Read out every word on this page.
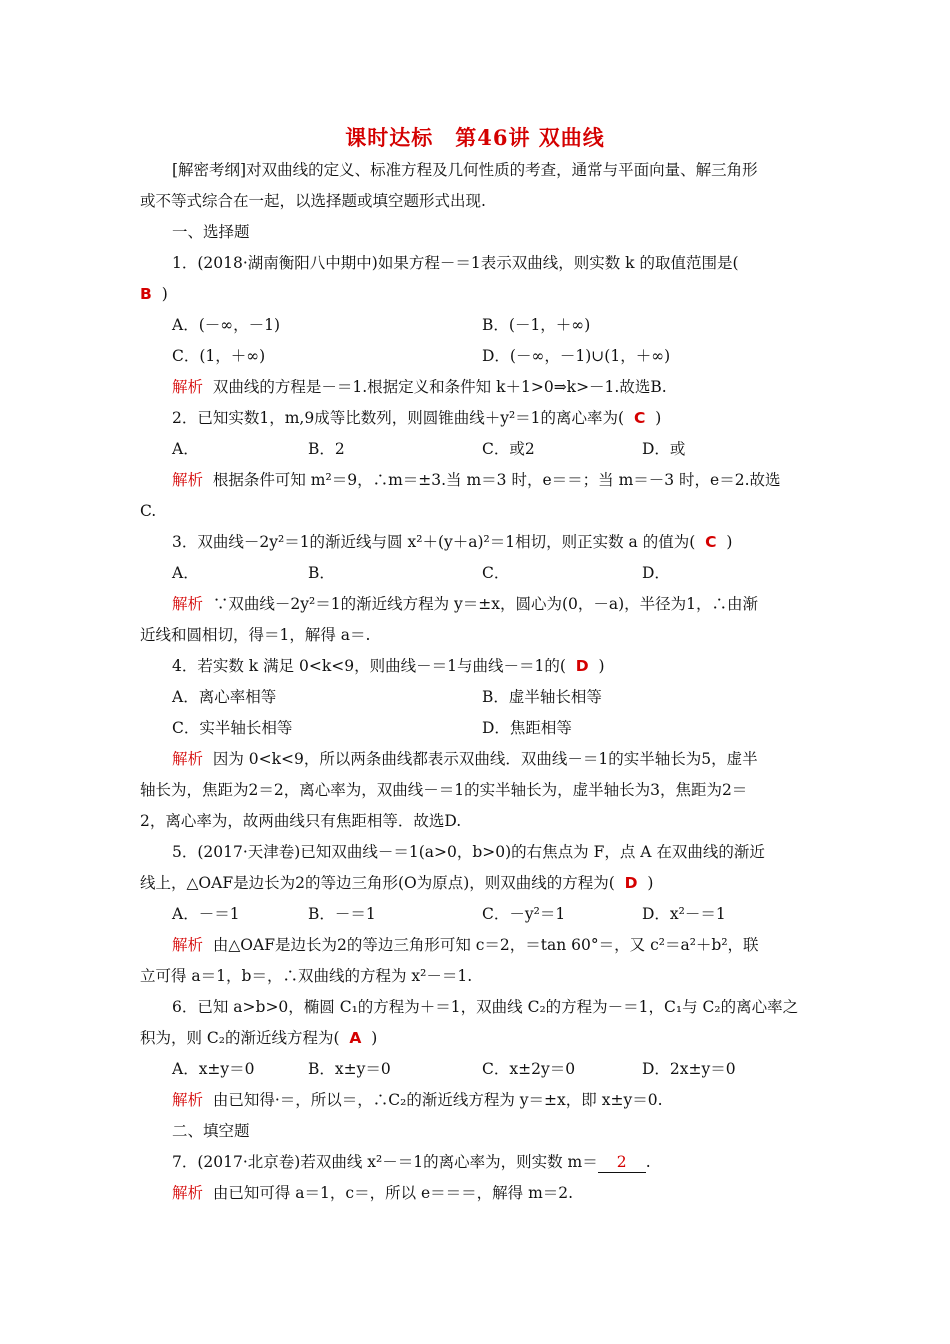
课时达标　第46讲 双曲线
[解密考纲]对双曲线的定义、标准方程及几何性质的考查，通常与平面向量、解三角形
或不等式综合在一起，以选择题或填空题形式出现.
一、选择题
1．(2018·湖南衡阳八中期中)如果方程－＝1表示双曲线，则实数 k 的取值范围是(
B )
A．(－∞，－1)	B．(－1，＋∞)
C．(1，＋∞)	D．(－∞，－1)∪(1，＋∞)
解析 双曲线的方程是－＝1.根据定义和条件知 k＋1>0⇒k>－1.故选B.
2．已知实数1，m,9成等比数列，则圆锥曲线＋y²＝1的离心率为( C )
A．	B．2	C．或2	D．或
解析 根据条件可知 m²＝9，∴m＝±3.当 m＝3 时，e＝＝；当 m＝－3 时，e＝2.故选
C.
3．双曲线－2y²＝1的渐近线与圆 x²＋(y＋a)²＝1相切，则正实数 a 的值为( C )
A．	B．	C．	D．
解析 ∵双曲线－2y²＝1的渐近线方程为 y＝±x，圆心为(0，－a)，半径为1，∴由渐
近线和圆相切，得＝1，解得 a＝.
4．若实数 k 满足 0<k<9，则曲线－＝1与曲线－＝1的( D )
A．离心率相等	B．虚半轴长相等
C．实半轴长相等	D．焦距相等
解析 因为 0<k<9，所以两条曲线都表示双曲线．双曲线－＝1的实半轴长为5，虚半
轴长为，焦距为2＝2，离心率为，双曲线－＝1的实半轴长为，虚半轴长为3，焦距为2＝
2，离心率为，故两曲线只有焦距相等．故选D.
5．(2017·天津卷)已知双曲线－＝1(a>0，b>0)的右焦点为 F，点 A 在双曲线的渐近
线上，△OAF是边长为2的等边三角形(O为原点)，则双曲线的方程为( D )
A．－＝1	B．－＝1	C．－y²＝1	D．x²－＝1
解析 由△OAF是边长为2的等边三角形可知 c＝2，＝tan 60°＝，又 c²＝a²＋b²，联
立可得 a＝1，b＝，∴双曲线的方程为 x²－＝1.
6．已知 a>b>0，椭圆 C₁的方程为＋＝1，双曲线 C₂的方程为－＝1，C₁与 C₂的离心率之
积为，则 C₂的渐近线方程为( A )
A．x±y＝0	B．x±y＝0	C．x±2y＝0	D．2x±y＝0
解析 由已知得·＝，所以＝，∴C₂的渐近线方程为 y＝±x，即 x±y＝0.
二、填空题
7．(2017·北京卷)若双曲线 x²－＝1的离心率为，则实数 m＝ 2 .
解析 由已知可得 a＝1，c＝，所以 e＝＝＝，解得 m＝2.
